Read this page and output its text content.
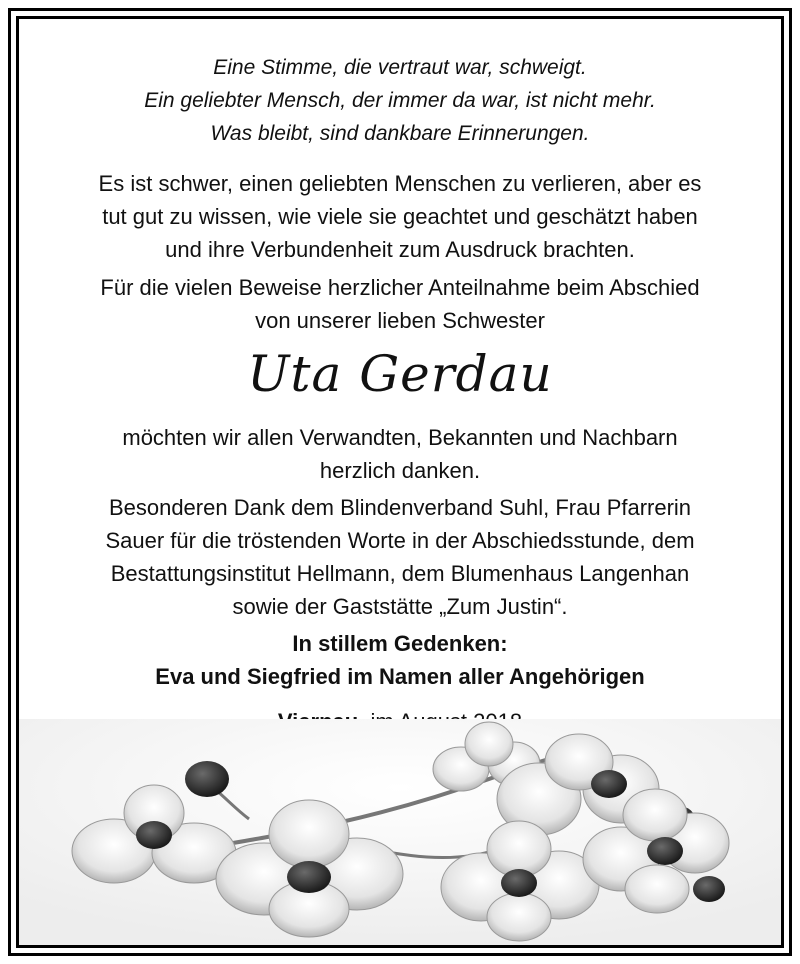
Eine Stimme, die vertraut war, schweigt.
Ein geliebter Mensch, der immer da war, ist nicht mehr.
Was bleibt, sind dankbare Erinnerungen.
Es ist schwer, einen geliebten Menschen zu verlieren, aber es
tut gut zu wissen, wie viele sie geachtet und geschätzt haben
und ihre Verbundenheit zum Ausdruck brachten.
Für die vielen Beweise herzlicher Anteilnahme beim Abschied
von unserer lieben Schwester
Uta Gerdau
möchten wir allen Verwandten, Bekannten und Nachbarn
herzlich danken.
Besonderen Dank dem Blindenverband Suhl, Frau Pfarrerin
Sauer für die tröstenden Worte in der Abschiedsstunde, dem
Bestattungsinstitut Hellmann, dem Blumenhaus Langenhan
sowie der Gaststätte „Zum Justin“.
In stillem Gedenken:
Eva und Siegfried im Namen aller Angehörigen
